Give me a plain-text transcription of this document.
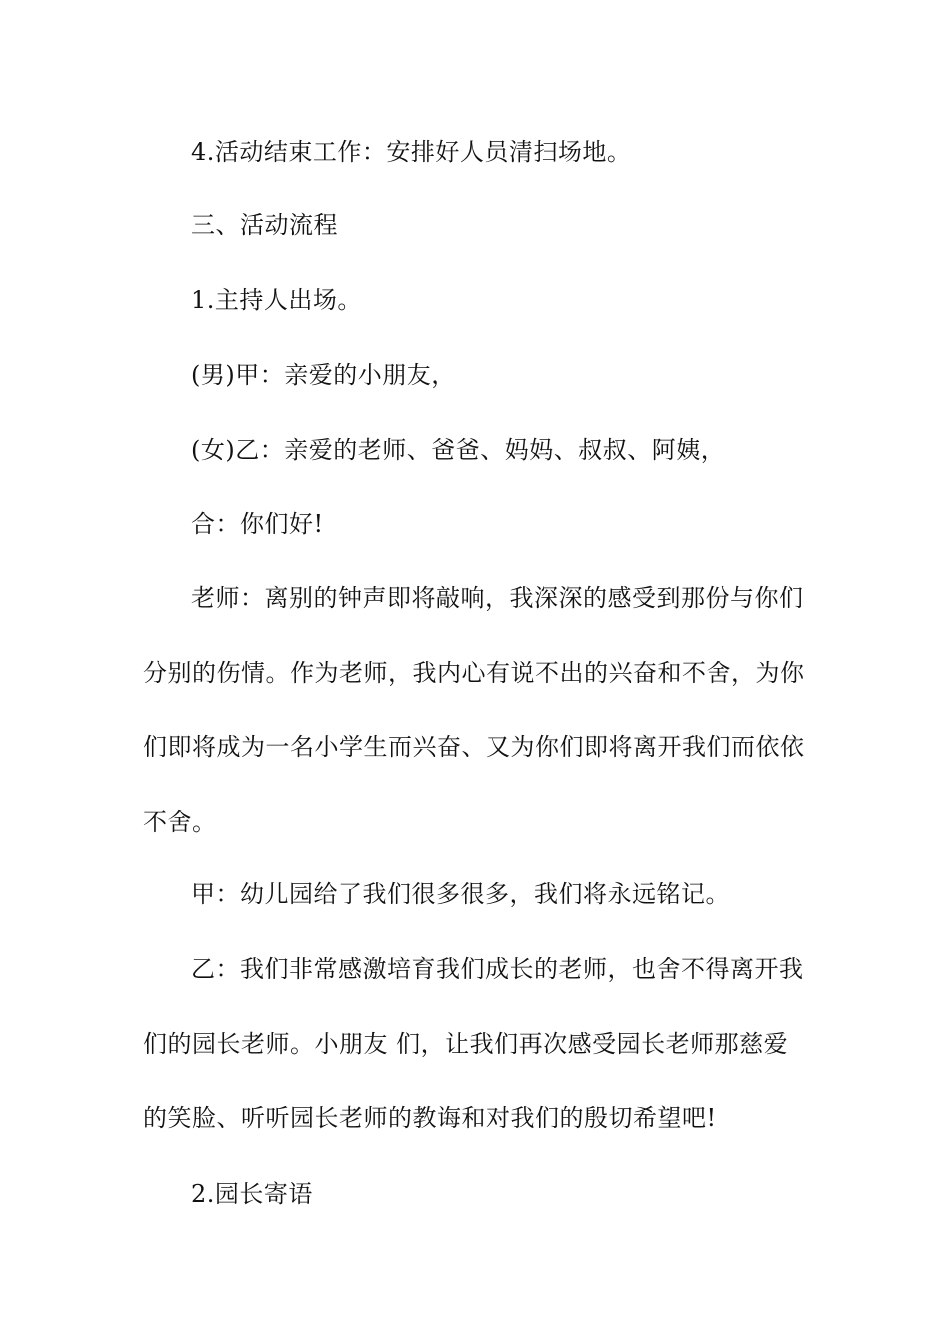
4.活动结束工作：安排好人员清扫场地。

三、活动流程

1.主持人出场。

(男)甲：亲爱的小朋友，

(女)乙：亲爱的老师、爸爸、妈妈、叔叔、阿姨，

合：你们好!

老师：离别的钟声即将敲响，我深深的感受到那份与你们分别的伤情。作为老师，我内心有说不出的兴奋和不舍，为你们即将成为一名小学生而兴奋、又为你们即将离开我们而依依不舍。

甲：幼儿园给了我们很多很多，我们将永远铭记。

乙：我们非常感激培育我们成长的老师，也舍不得离开我们的园长老师。小朋友 们，让我们再次感受园长老师那慈爱的笑脸、听听园长老师的教诲和对我们的殷切希望吧!

2.园长寄语
